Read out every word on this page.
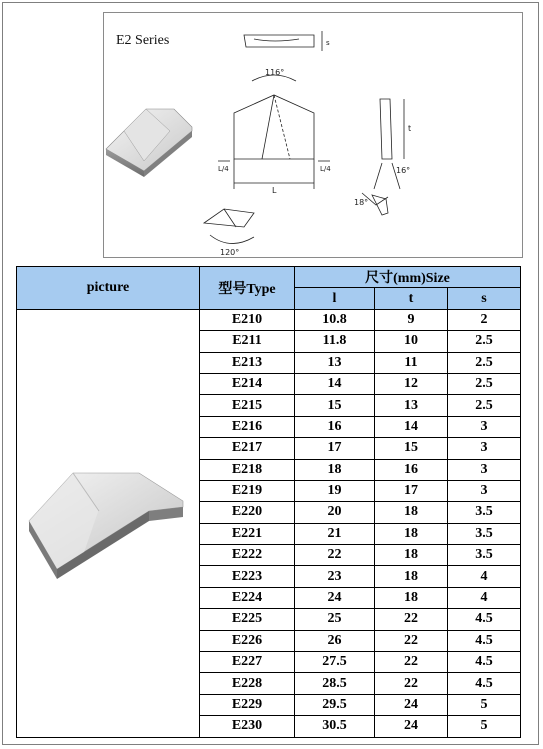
E2 Series	s
116°
L/4	L/4
L
t
16°
18°
120°
picture	型号Type	尺寸(mm)Size		
		l	t	s
	E210	10.8	9	2
	E211	11.8	10	2.5
	E213	13	11	2.5
	E214	14	12	2.5
	E215	15	13	2.5
	E216	16	14	3
	E217	17	15	3
	E218	18	16	3
	E219	19	17	3
	E220	20	18	3.5
	E221	21	18	3.5
	E222	22	18	3.5
	E223	23	18	4
	E224	24	18	4
	E225	25	22	4.5
	E226	26	22	4.5
	E227	27.5	22	4.5
	E228	28.5	22	4.5
	E229	29.5	24	5
	E230	30.5	24	5
